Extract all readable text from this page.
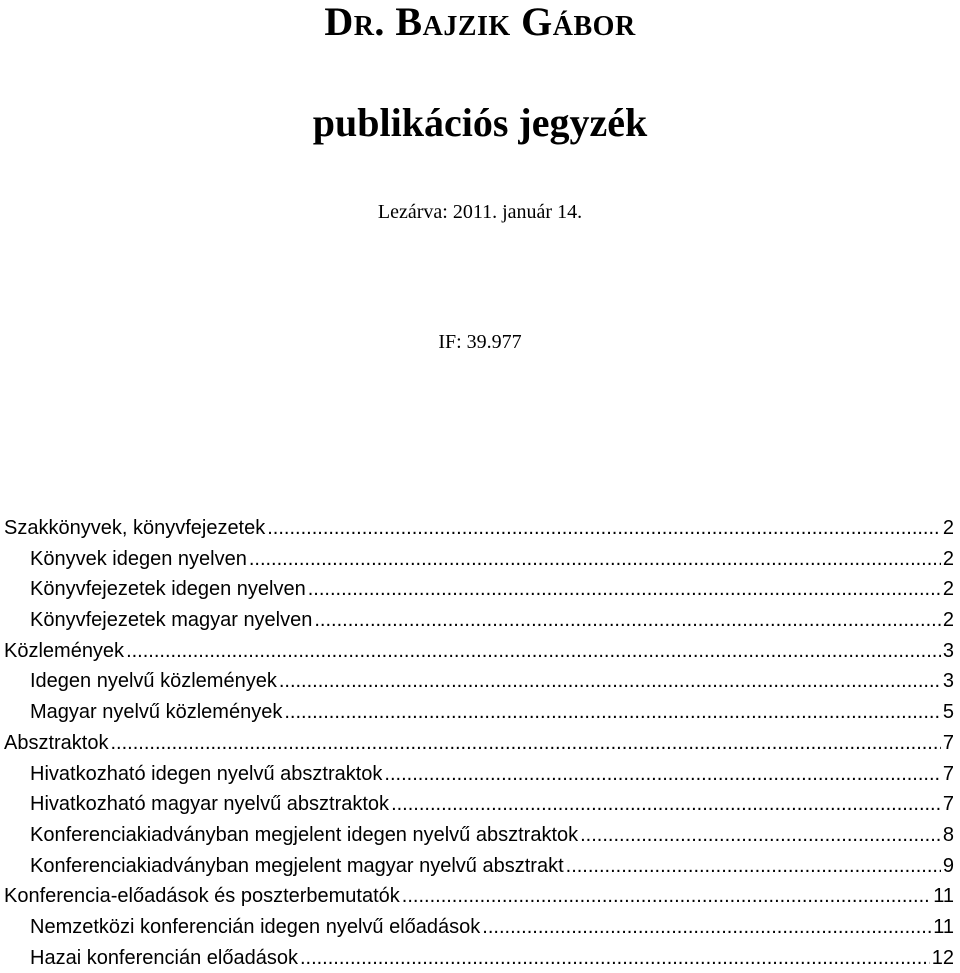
Dr. Bajzik Gábor
publikációs jegyzék
Lezárva: 2011. január 14.
IF: 39.977
Szakkönyvek, könyvfejezetek .....	2
Könyvek idegen nyelven .....	2
Könyvfejezetek idegen nyelven .....	2
Könyvfejezetek magyar nyelven .....	2
Közlemények .....	3
Idegen nyelvű közlemények .....	3
Magyar nyelvű közlemények .....	5
Absztraktok .....	7
Hivatkozható idegen nyelvű absztraktok .....	7
Hivatkozható magyar nyelvű absztraktok .....	7
Konferenciakiadványban megjelent idegen nyelvű absztraktok .....	8
Konferenciakiadványban megjelent magyar nyelvű absztrakt .....	9
Konferencia-előadások és poszterbemutatók .....	11
Nemzetközi konferencián idegen nyelvű előadások .....	11
Hazai konferencián előadások .....	12
